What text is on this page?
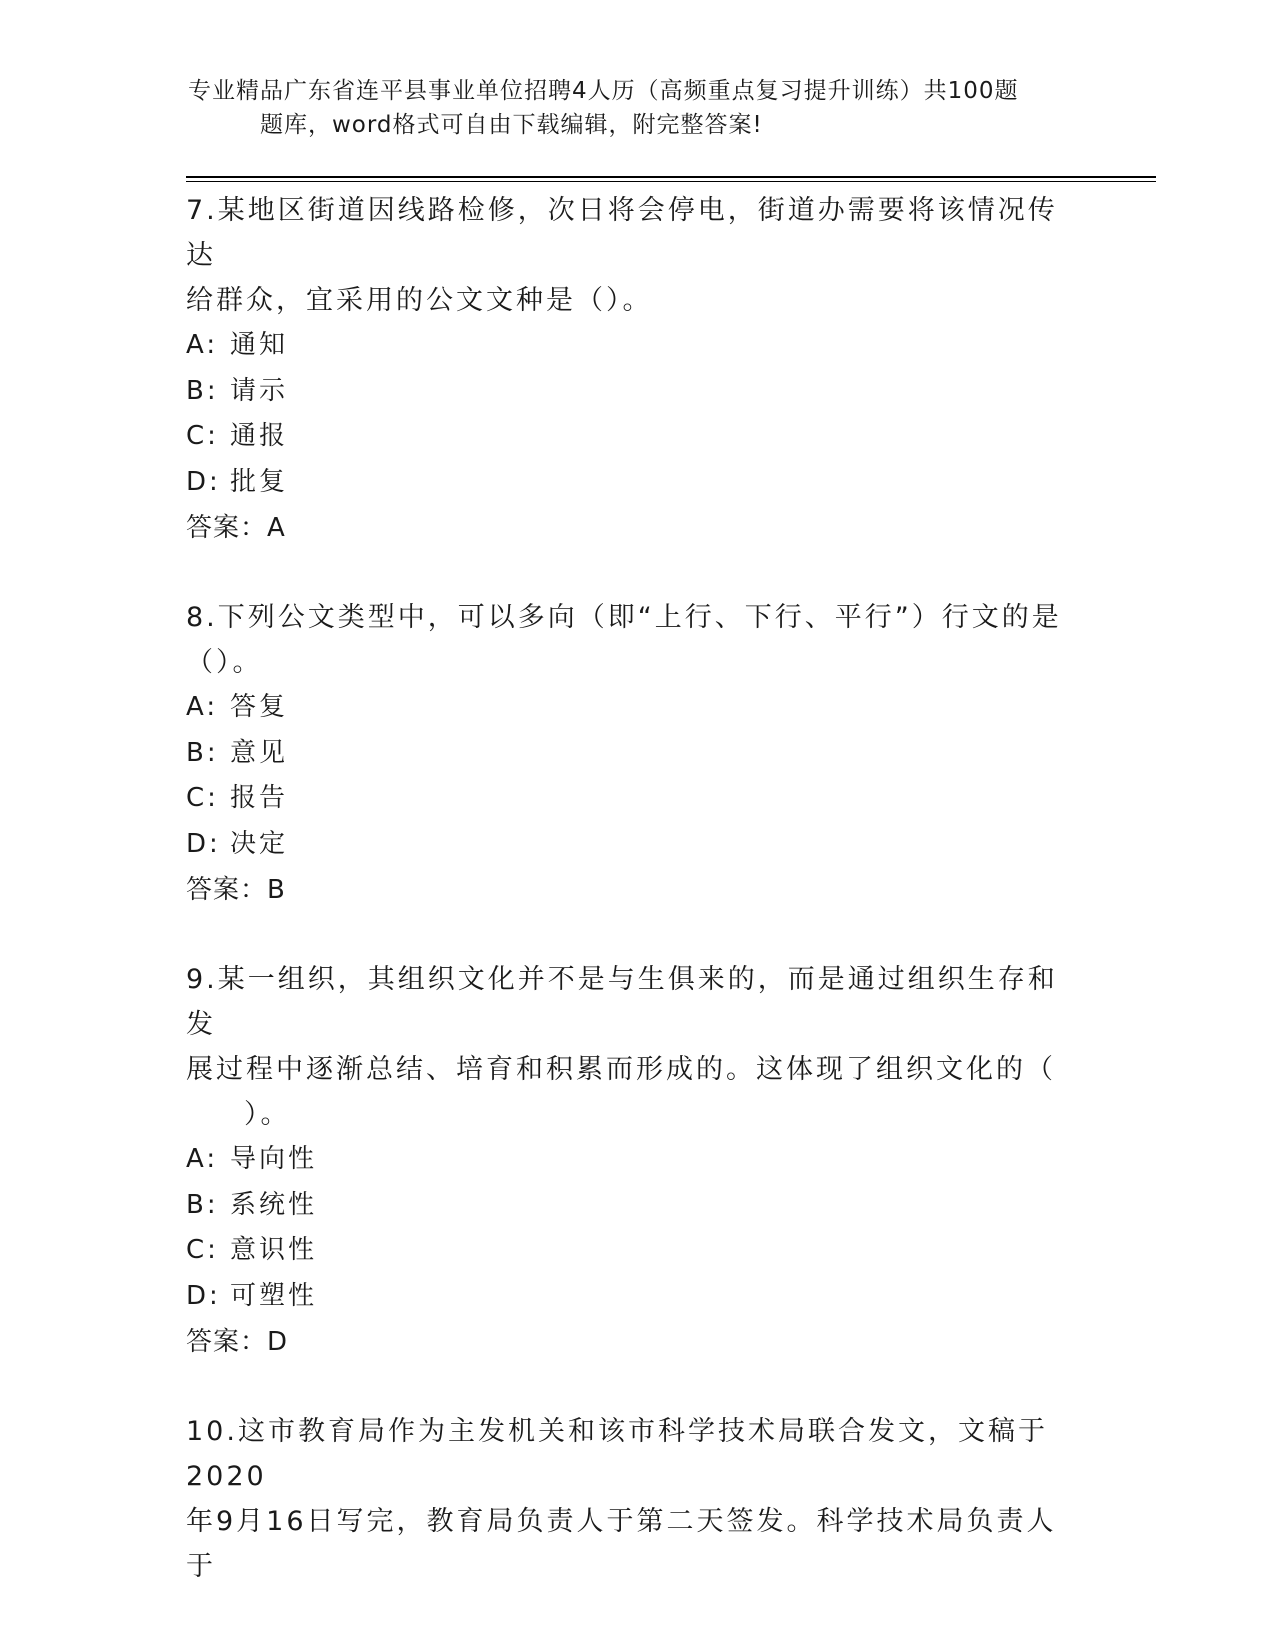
专业精品广东省连平县事业单位招聘4人历（高频重点复习提升训练）共100题
题库，word格式可自由下载编辑，附完整答案!

7.某地区街道因线路检修，次日将会停电，街道办需要将该情况传达

给群众，宜采用的公文文种是（）。

A: 通知

B: 请示

C: 通报

D: 批复

答案：A

8.下列公文类型中，可以多向（即“上行、下行、平行”）行文的是

（）。

A: 答复

B: 意见

C: 报告

D: 决定

答案：B

9.某一组织，其组织文化并不是与生俱来的，而是通过组织生存和发

展过程中逐渐总结、培育和积累而形成的。这体现了组织文化的（

）。

A: 导向性

B: 系统性

C: 意识性

D: 可塑性

答案：D

10.这市教育局作为主发机关和该市科学技术局联合发文，文稿于2020

年9月16日写完，教育局负责人于第二天签发。科学技术局负责人于
